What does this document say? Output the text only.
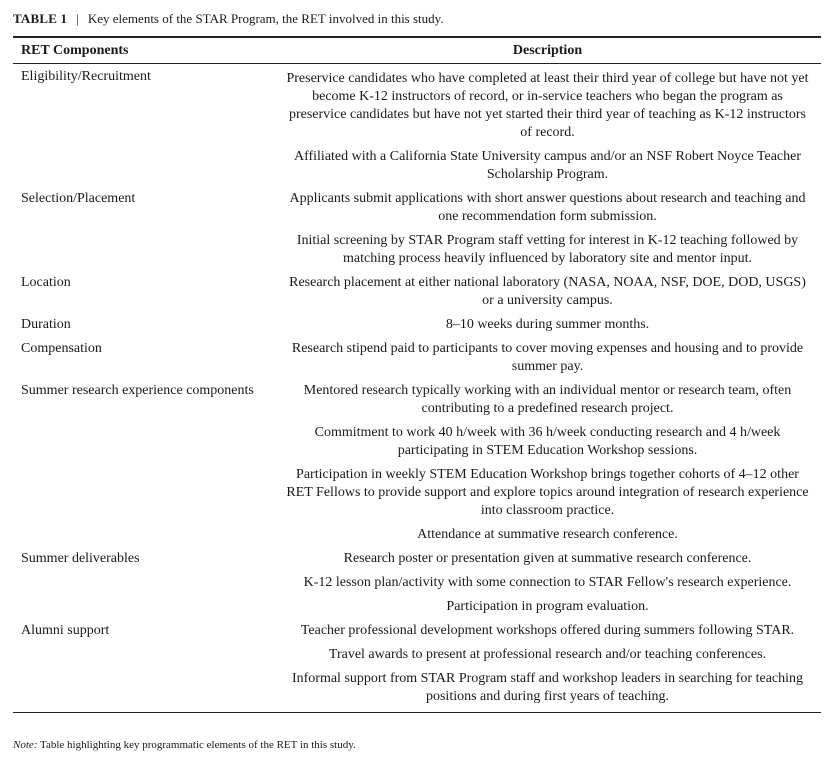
TABLE 1 | Key elements of the STAR Program, the RET involved in this study.
RET Components	Description
Eligibility/Recruitment	Preservice candidates who have completed at least their third year of college but have not yet become K-12 instructors of record, or in-service teachers who began the program as preservice candidates but have not yet started their third year of teaching as K-12 instructors of record.
Affiliated with a California State University campus and/or an NSF Robert Noyce Teacher Scholarship Program.

Selection/Placement	Applicants submit applications with short answer questions about research and teaching and one recommendation form submission.
Initial screening by STAR Program staff vetting for interest in K-12 teaching followed by matching process heavily influenced by laboratory site and mentor input.

Location	Research placement at either national laboratory (NASA, NOAA, NSF, DOE, DOD, USGS) or a university campus.

Duration	8–10 weeks during summer months.

Compensation	Research stipend paid to participants to cover moving expenses and housing and to provide summer pay.

Summer research experience components	Mentored research typically working with an individual mentor or research team, often contributing to a predefined research project.
Commitment to work 40 h/week with 36 h/week conducting research and 4 h/week participating in STEM Education Workshop sessions.
Participation in weekly STEM Education Workshop brings together cohorts of 4–12 other RET Fellows to provide support and explore topics around integration of research experience into classroom practice.
Attendance at summative research conference.

Summer deliverables	Research poster or presentation given at summative research conference.
K-12 lesson plan/activity with some connection to STAR Fellow's research experience.
Participation in program evaluation.

Alumni support	Teacher professional development workshops offered during summers following STAR.
Travel awards to present at professional research and/or teaching conferences.
Informal support from STAR Program staff and workshop leaders in searching for teaching positions and during first years of teaching.
Note: Table highlighting key programmatic elements of the RET in this study.
